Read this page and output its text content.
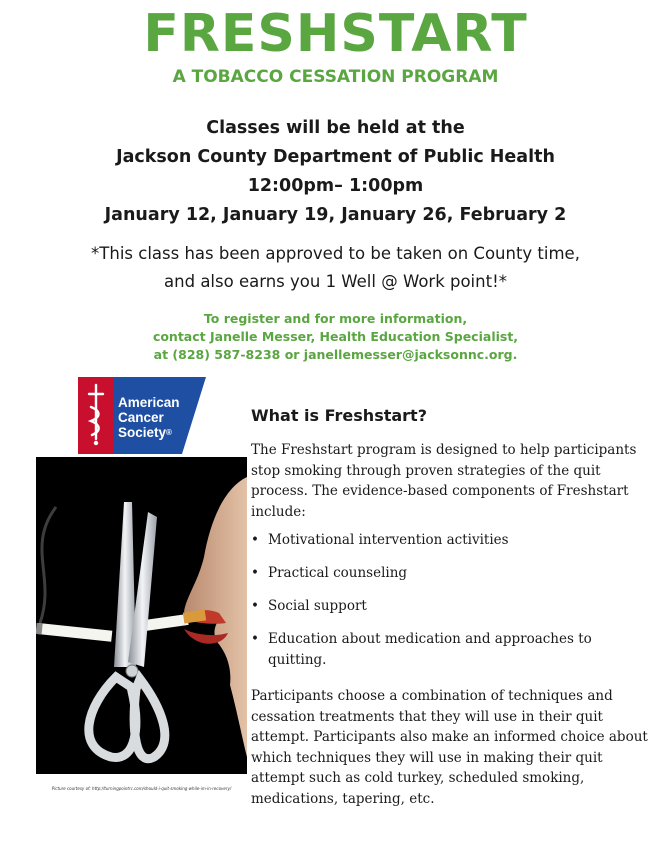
FRESHSTART
A TOBACCO CESSATION PROGRAM
Classes will be held at the
Jackson County Department of Public Health
12:00pm– 1:00pm
January 12, January 19, January 26, February 2
*This class has been approved to be taken on County time,
and also earns you 1 Well @ Work point!*
To register and for more information,
contact Janelle Messer, Health Education Specialist,
at (828) 587-8238 or janellemesser@jacksonnc.org.
American
Cancer
Society®
Picture courtesy of: http://turningpointrc.com/should-i-quit-smoking-while-im-in-recovery/
What is Freshstart?
The Freshstart program is designed to help participants stop smoking through proven strategies of the quit process. The evidence-based components of Freshstart include:
• Motivational intervention activities
• Practical counseling
• Social support
• Education about medication and approaches to quitting.
Participants choose a combination of techniques and cessation treatments that they will use in their quit attempt. Participants also make an informed choice about which techniques they will use in making their quit attempt such as cold turkey, scheduled smoking, medications, tapering, etc.
